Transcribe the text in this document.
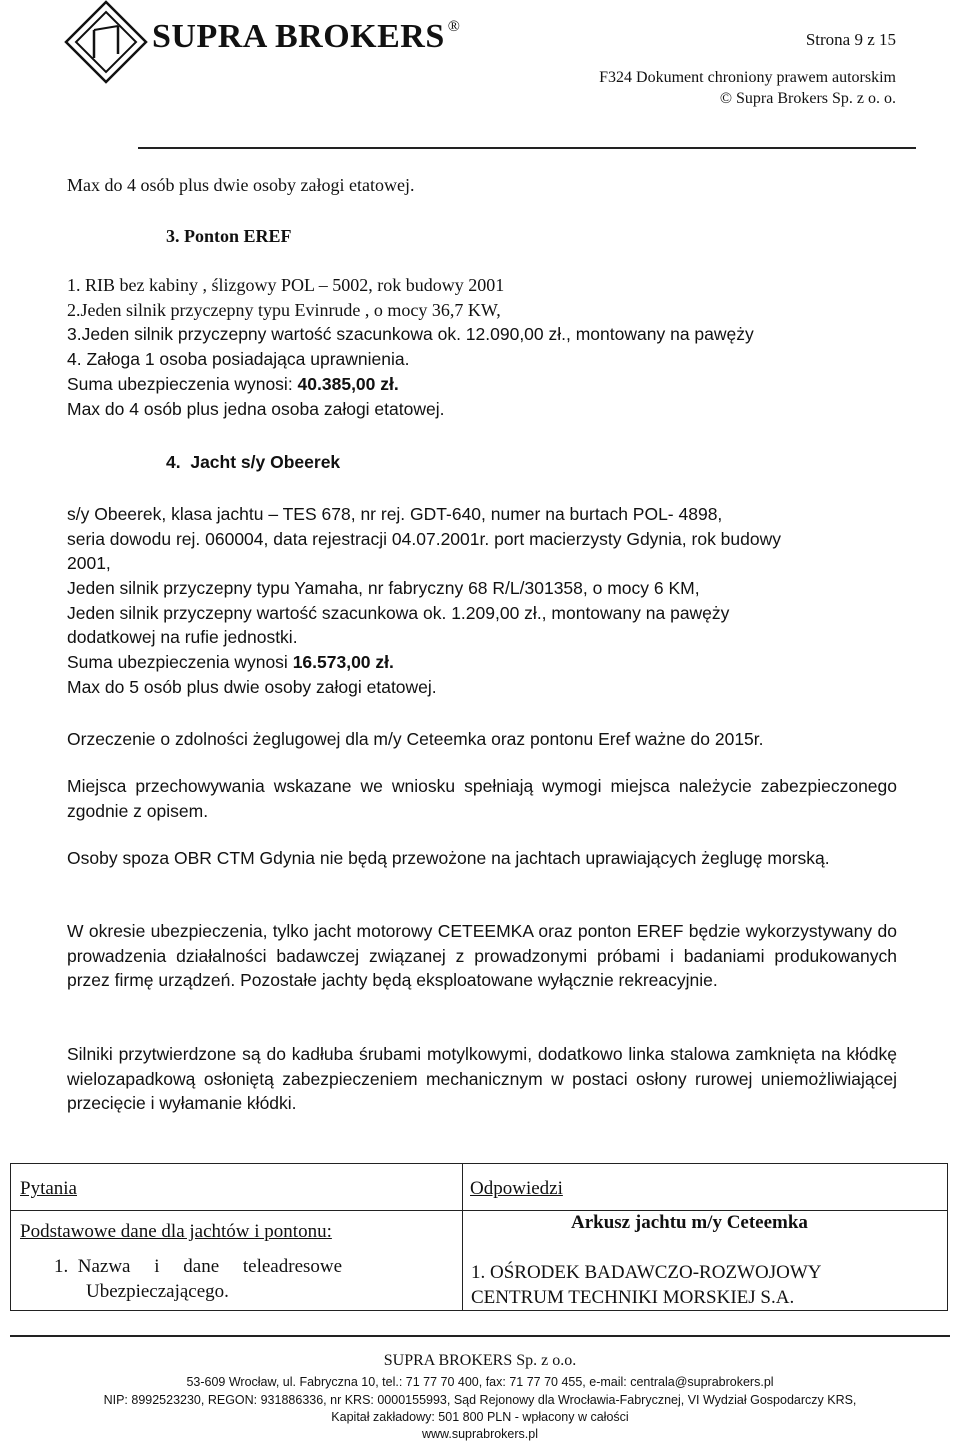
SUPRA BROKERS ®
Strona 9 z 15
F324 Dokument chroniony prawem autorskim
© Supra Brokers Sp. z o. o.
Max do 4 osób plus dwie osoby załogi etatowej.
3. Ponton EREF
1. RIB bez kabiny , ślizgowy POL – 5002, rok budowy 2001
2.Jeden silnik przyczepny typu Evinrude , o mocy 36,7 KW,
3.Jeden silnik przyczepny wartość szacunkowa ok. 12.090,00 zł., montowany na pawęży
4. Załoga 1 osoba posiadająca uprawnienia.
Suma ubezpieczenia wynosi: 40.385,00 zł.
Max do 4 osób plus jedna osoba załogi etatowej.
4. Jacht s/y Obeerek
s/y Obeerek, klasa jachtu – TES 678, nr rej. GDT-640, numer na burtach POL- 4898,
seria dowodu rej. 060004, data rejestracji 04.07.2001r. port macierzysty Gdynia, rok budowy
2001,
Jeden silnik przyczepny typu Yamaha, nr fabryczny 68 R/L/301358, o mocy 6 KM,
Jeden silnik przyczepny wartość szacunkowa ok. 1.209,00 zł., montowany na pawęży
dodatkowej na rufie jednostki.
Suma ubezpieczenia wynosi 16.573,00 zł.
Max do 5 osób plus dwie osoby załogi etatowej.
Orzeczenie o zdolności żeglugowej dla m/y Ceteemka oraz pontonu Eref ważne do 2015r.
Miejsca przechowywania wskazane we wniosku spełniają wymogi miejsca należycie zabezpieczonego zgodnie z opisem.
Osoby spoza OBR CTM Gdynia nie będą przewożone na jachtach uprawiających żeglugę morską.
W okresie ubezpieczenia, tylko jacht motorowy CETEEMKA oraz ponton EREF będzie wykorzystywany do prowadzenia działalności badawczej związanej z prowadzonymi próbami i badaniami produkowanych przez firmę urządzeń. Pozostałe jachty będą eksploatowane wyłącznie rekreacyjnie.
Silniki przytwierdzone są do kadłuba śrubami motylkowymi, dodatkowo linka stalowa zamknięta na kłódkę wielozapadkową osłoniętą zabezpieczeniem mechanicznym w postaci osłony rurowej uniemożliwiającej przecięcie i wyłamanie kłódki.
Pytania	Odpowiedzi
Podstawowe dane dla jachtów i pontonu:	Arkusz jachtu m/y Ceteemka
1.  Nazwa     i     dane     teleadresowe
Ubezpieczającego.
1. OŚRODEK BADAWCZO-ROZWOJOWY
CENTRUM TECHNIKI MORSKIEJ S.A.
SUPRA BROKERS Sp. z o.o.
53-609 Wrocław, ul. Fabryczna 10, tel.: 71 77 70 400, fax: 71 77 70 455, e-mail: centrala@suprabrokers.pl
NIP: 8992523230, REGON: 931886336, nr KRS: 0000155993, Sąd Rejonowy dla Wrocławia-Fabrycznej, VI Wydział Gospodarczy KRS,
Kapitał zakładowy: 501 800 PLN - wpłacony w całości
www.suprabrokers.pl
